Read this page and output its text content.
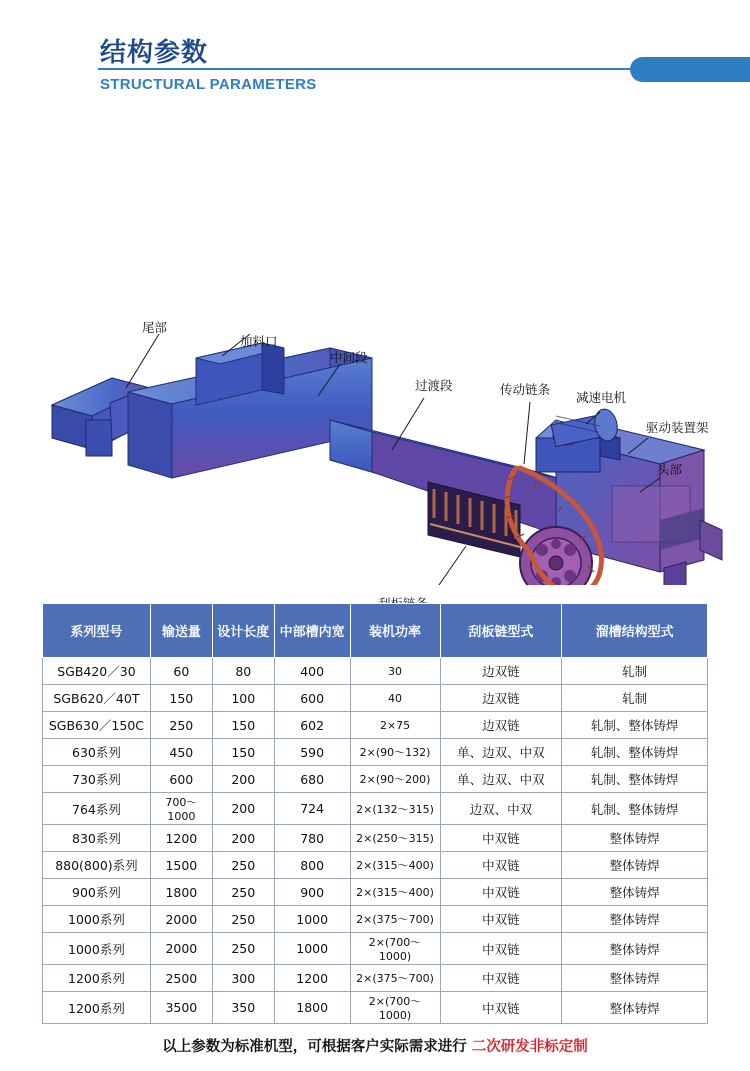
结构参数
STRUCTURAL PARAMETERS
尾部
加料口
中间段
过渡段	传动链条
减速电机
驱动装置架
头部
系列型号	输送量	设计长度	中部槽内宽	装机功率	刮板链型式	溜槽结构型式
SGB420／30	60	80	400	30	边双链	轧制
SGB620／40T	150	100	600	40	边双链	轧制
SGB630／150C	250	150	602	2×75	边双链	轧制、整体铸焊
630系列	450	150	590	2×(90～132)	单、边双、中双	轧制、整体铸焊
730系列	600	200	680	2×(90～200)	单、边双、中双	轧制、整体铸焊
764系列	700～1000	200	724	2×(132～315)	边双、中双	轧制、整体铸焊
830系列	1200	200	780	2×(250～315)	中双链	整体铸焊
880(800)系列	1500	250	800	2×(315～400)	中双链	整体铸焊
900系列	1800	250	900	2×(315～400)	中双链	整体铸焊
1000系列	2000	250	1000	2×(375～700)	中双链	整体铸焊
1000系列	2000	250	1000	2×(700～1000)	中双链	整体铸焊
1200系列	2500	300	1200	2×(375～700)	中双链	整体铸焊
1200系列	3500	350	1800	2×(700～1000)	中双链	整体铸焊
以上参数为标准机型，可根据客户实际需求进行 二次研发非标定制
